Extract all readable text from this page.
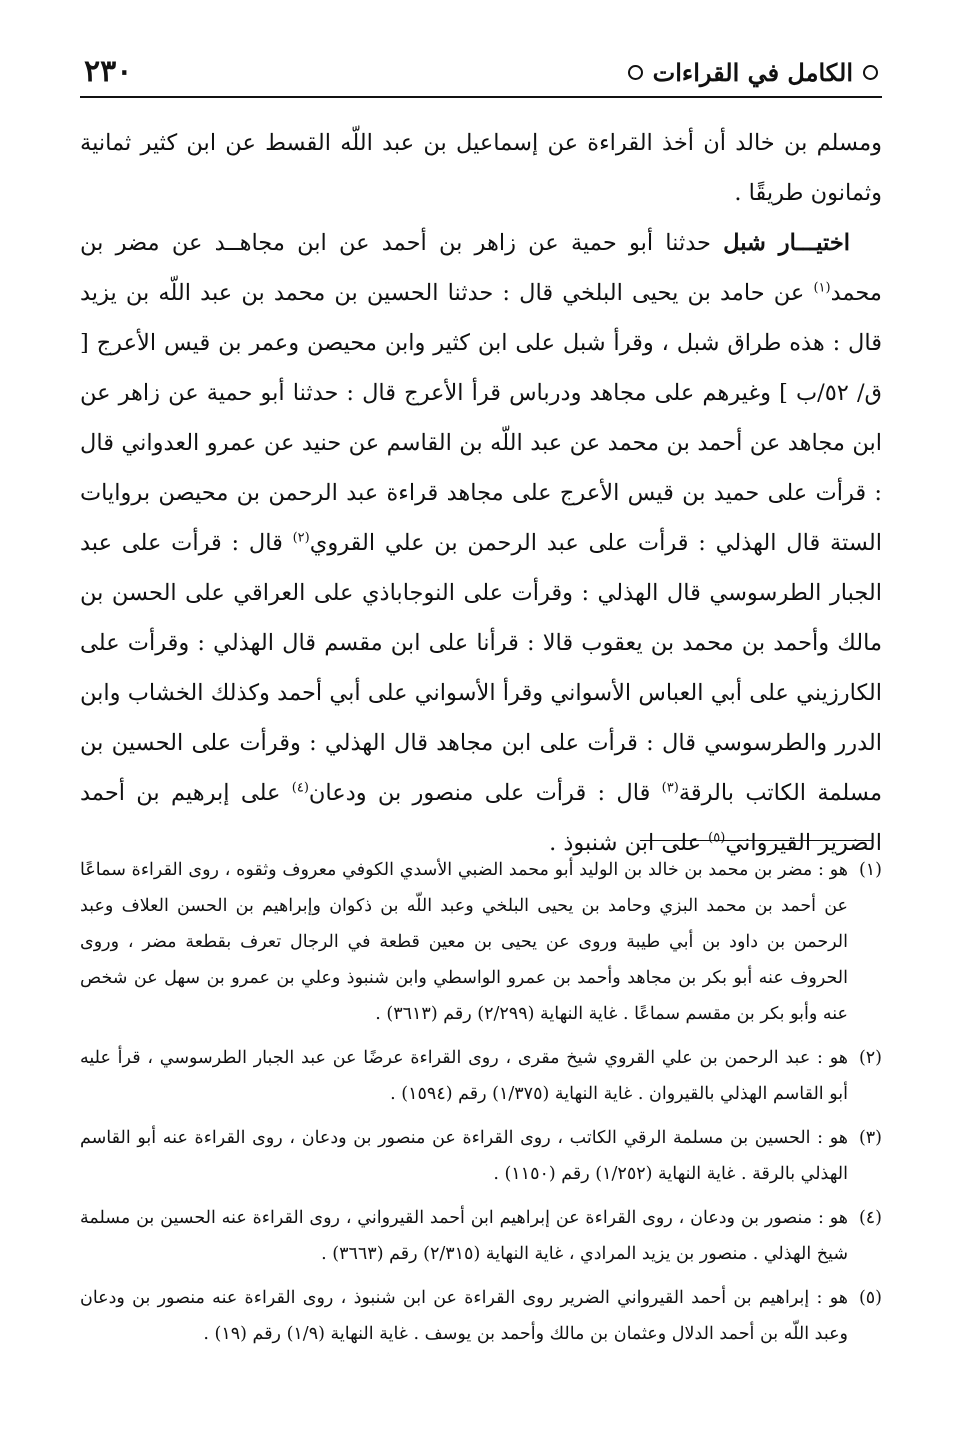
٢٣٠	الكامل في القراءات

ومسلم بن خالد أن أخذ القراءة عن إسماعيل بن عبد اللّه القسط عن ابن كثير ثمانية وثمانون طريقًا .

اختيـــار شبل حدثنا أبو حمية عن زاهر بن أحمد عن ابن مجاهــد عن مضر بن محمد$^{(١)}$ عن حامد بن يحيى البلخي قال : حدثنا الحسين بن محمد بن عبد اللّه بن يزيد قال : هذه طراق شبل ، وقرأ شبل على ابن كثير وابن محيصن وعمر بن قيس الأعرج [ ق/ ٥٢/ب ] وغيرهم على مجاهد ودرباس قرأ الأعرج قال : حدثنا أبو حمية عن زاهر عن ابن مجاهد عن أحمد بن محمد عن عبد اللّه بن القاسم عن حنيد عن عمرو العدواني قال : قرأت على حميد بن قيس الأعرج على مجاهد قراءة عبد الرحمن بن محيصن بروايات الستة قال الهذلي : قرأت على عبد الرحمن بن علي القروي$^{(٢)}$ قال : قرأت على عبد الجبار الطرسوسي قال الهذلي : وقرأت على النوجاباذي على العراقي على الحسن بن مالك وأحمد بن محمد بن يعقوب قالا : قرأنا على ابن مقسم قال الهذلي : وقرأت على الكارزيني على أبي العباس الأسواني وقرأ الأسواني على أبي أحمد وكذلك الخشاب وابن الدرر والطرسوسي قال : قرأت على ابن مجاهد قال الهذلي : وقرأت على الحسين بن مسلمة الكاتب بالرقة$^{(٣)}$ قال : قرأت على منصور بن ودعان$^{(٤)}$ على إبرهيم بن أحمد الضرير القيرواني$^{(٥)}$ على ابن شنبوذ .

(١)
هو : مضر بن محمد بن خالد بن الوليد أبو محمد الضبي الأسدي الكوفي معروف وثقوه ، روى القراءة سماعًا عن أحمد بن محمد البزي وحامد بن يحيى البلخي وعبد اللّه بن ذكوان وإبراهيم بن الحسن العلاف وعبد الرحمن بن داود بن أبي طيبة وروى عن يحيى بن معين قطعة في الرجال تعرف بقطعة مضر ، وروى الحروف عنه أبو بكر بن مجاهد وأحمد بن عمرو الواسطي وابن شنبوذ وعلي بن عمرو بن سهل عن شخص عنه وأبو بكر بن مقسم سماعًا . غاية النهاية (٢/٢٩٩) رقم (٣٦١٣) .

(٢)
هو : عبد الرحمن بن علي القروي شيخ مقرى ، روى القراءة عرضًا عن عبد الجبار الطرسوسي ، قرأ عليه أبو القاسم الهذلي بالقيروان . غاية النهاية (١/٣٧٥) رقم (١٥٩٤) .

(٣)
هو : الحسين بن مسلمة الرقي الكاتب ، روى القراءة عن منصور بن ودعان ، روى القراءة عنه أبو القاسم الهذلي بالرقة . غاية النهاية (١/٢٥٢) رقم (١١٥٠) .

(٤)
هو : منصور بن ودعان ، روى القراءة عن إبراهيم ابن أحمد القيرواني ، روى القراءة عنه الحسين بن مسلمة شيخ الهذلي . منصور بن يزيد المرادي ، غاية النهاية (٢/٣١٥) رقم (٣٦٦٣) .

(٥)
هو : إبراهيم بن أحمد القيرواني الضرير روى القراءة عن ابن شنبوذ ، روى القراءة عنه منصور بن ودعان وعبد اللّه بن أحمد الدلال وعثمان بن مالك وأحمد بن يوسف . غاية النهاية (١/٩) رقم (١٩) .
